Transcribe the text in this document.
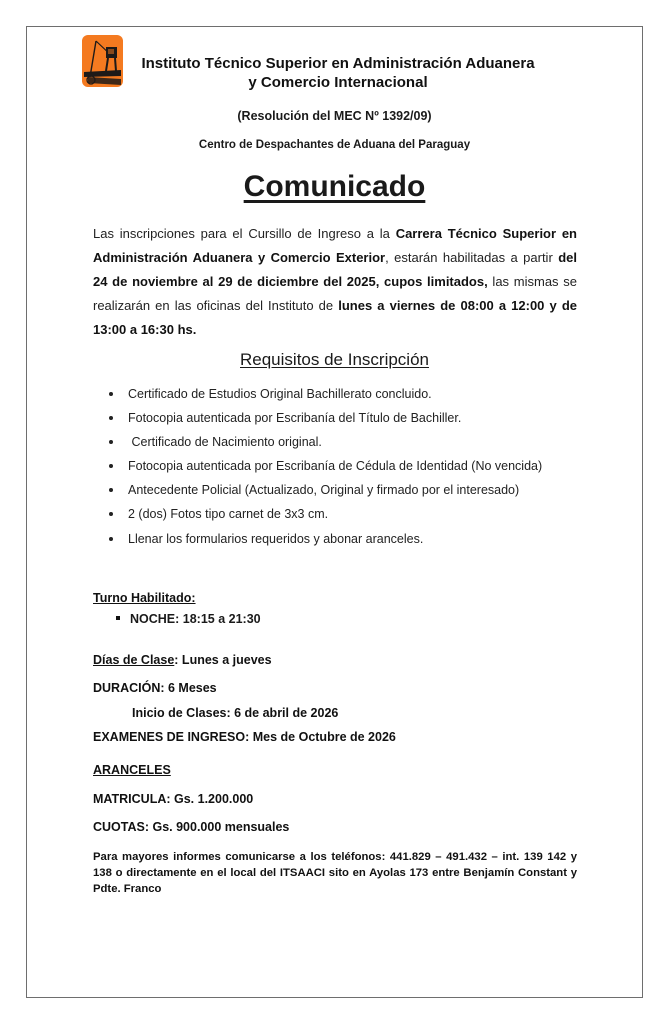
Instituto Técnico Superior en Administración Aduanera
y Comercio Internacional
(Resolución del MEC Nº 1392/09)
Centro de Despachantes de Aduana del Paraguay
Comunicado
Las inscripciones para el Cursillo de Ingreso a la Carrera Técnico Superior en Administración Aduanera y Comercio Exterior, estarán habilitadas a partir del 24 de noviembre al 29 de diciembre del 2025, cupos limitados, las mismas se realizarán en las oficinas del Instituto de lunes a viernes de 08:00 a 12:00 y de 13:00 a 16:30 hs.
Requisitos de Inscripción
Certificado de Estudios Original Bachillerato concluido.
Fotocopia autenticada por Escribanía del Título de Bachiller.
Certificado de Nacimiento original.
Fotocopia autenticada por Escribanía de Cédula de Identidad (No vencida)
Antecedente Policial (Actualizado, Original y firmado por el interesado)
2 (dos) Fotos tipo carnet de 3x3 cm.
Llenar los formularios requeridos y abonar aranceles.
Turno Habilitado:
NOCHE: 18:15 a 21:30
Días de Clase: Lunes a jueves
DURACIÓN: 6 Meses
Inicio de Clases: 6 de abril de 2026
EXAMENES DE INGRESO: Mes de Octubre de 2026
ARANCELES
MATRICULA: Gs. 1.200.000
CUOTAS: Gs. 900.000 mensuales
Para mayores informes comunicarse a los teléfonos: 441.829 – 491.432 – int. 139 142 y 138 o directamente en el local del ITSAACI sito en Ayolas 173 entre Benjamín Constant y Pdte. Franco
